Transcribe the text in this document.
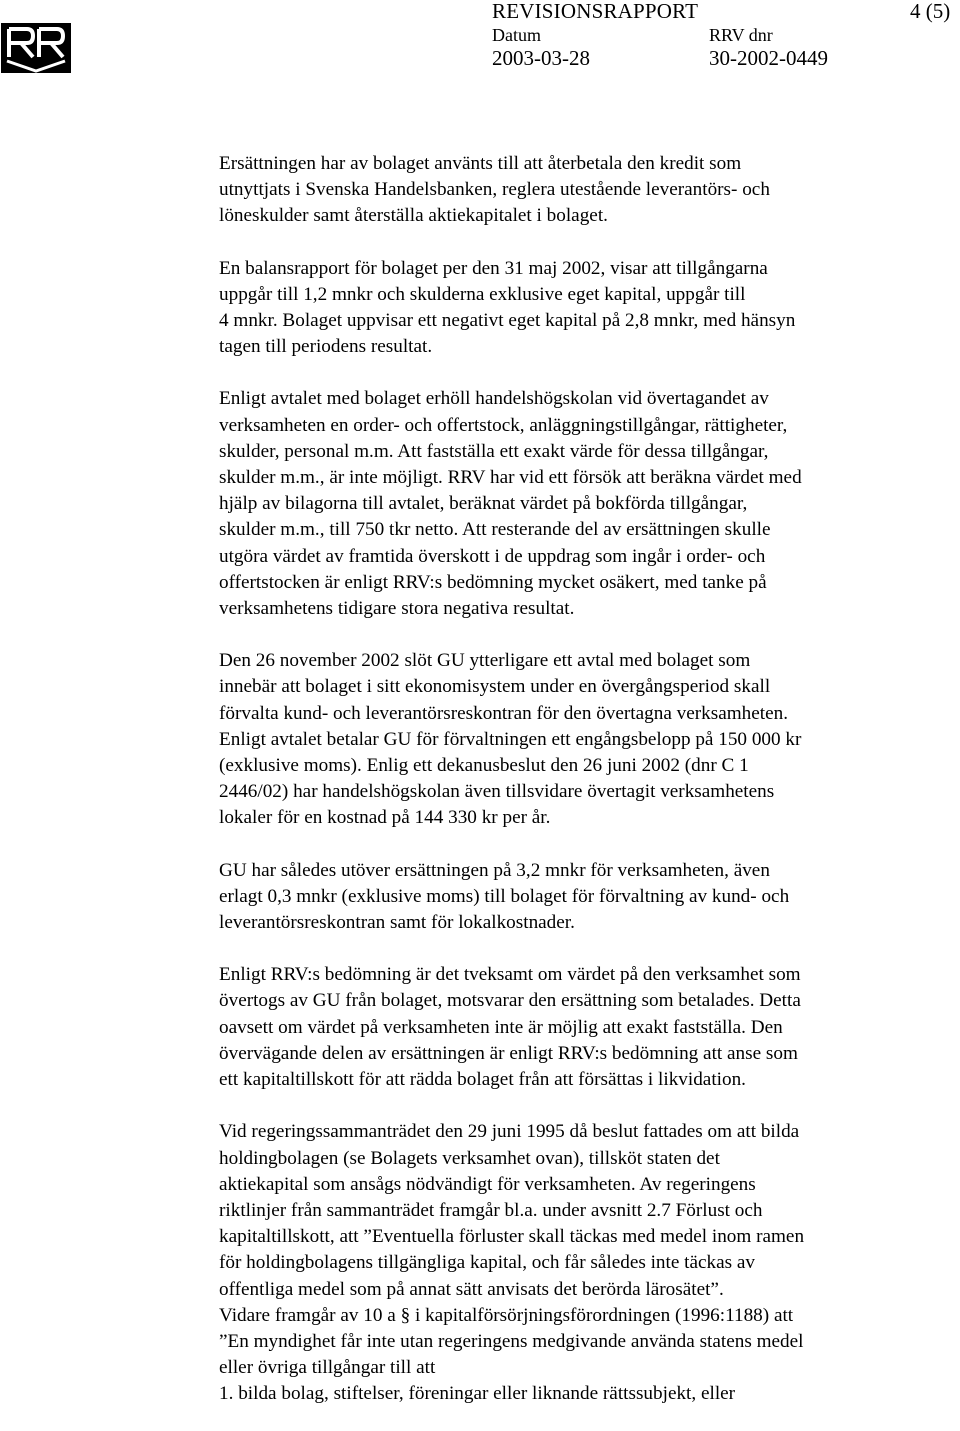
REVISIONSRAPPORT	4 (5)
Datum	RRV dnr
2003-03-28	30-2002-0449

Ersättningen har av bolaget använts till att återbetala den kredit som
utnyttjats i Svenska Handelsbanken, reglera utestående leverantörs- och
löneskulder samt återställa aktiekapitalet i bolaget.

En balansrapport för bolaget per den 31 maj 2002, visar att tillgångarna
uppgår till 1,2 mnkr och skulderna exklusive eget kapital, uppgår till
4 mnkr. Bolaget uppvisar ett negativt eget kapital på 2,8 mnkr, med hänsyn
tagen till periodens resultat.

Enligt avtalet med bolaget erhöll handelshögskolan vid övertagandet av
verksamheten en order- och offertstock, anläggningstillgångar, rättigheter,
skulder, personal m.m. Att fastställa ett exakt värde för dessa tillgångar,
skulder m.m., är inte möjligt. RRV har vid ett försök att beräkna värdet med
hjälp av bilagorna till avtalet, beräknat värdet på bokförda tillgångar,
skulder m.m., till 750 tkr netto. Att resterande del av ersättningen skulle
utgöra värdet av framtida överskott i de uppdrag som ingår i order- och
offertstocken är enligt RRV:s bedömning mycket osäkert, med tanke på
verksamhetens tidigare stora negativa resultat.

Den 26 november 2002 slöt GU ytterligare ett avtal med bolaget som
innebär att bolaget i sitt ekonomisystem under en övergångsperiod skall
förvalta kund- och leverantörsreskontran för den övertagna verksamheten.
Enligt avtalet betalar GU för förvaltningen ett engångsbelopp på 150 000 kr
(exklusive moms). Enlig ett dekanusbeslut den 26 juni 2002 (dnr C 1
2446/02) har handelshögskolan även tillsvidare övertagit verksamhetens
lokaler för en kostnad på 144 330 kr per år.

GU har således utöver ersättningen på 3,2 mnkr för verksamheten, även
erlagt 0,3 mnkr (exklusive moms) till bolaget för förvaltning av kund- och
leverantörsreskontran samt för lokalkostnader.

Enligt RRV:s bedömning är det tveksamt om värdet på den verksamhet som
övertogs av GU från bolaget, motsvarar den ersättning som betalades. Detta
oavsett om värdet på verksamheten inte är möjlig att exakt fastställa. Den
övervägande delen av ersättningen är enligt RRV:s bedömning att anse som
ett kapitaltillskott för att rädda bolaget från att försättas i likvidation.

Vid regeringssammanträdet den 29 juni 1995 då beslut fattades om att bilda
holdingbolagen (se Bolagets verksamhet ovan), tillsköt staten det
aktiekapital som ansågs nödvändigt för verksamheten. Av regeringens
riktlinjer från sammanträdet framgår bl.a. under avsnitt 2.7 Förlust och
kapitaltillskott, att ”Eventuella förluster skall täckas med medel inom ramen
för holdingbolagens tillgängliga kapital, och får således inte täckas av
offentliga medel som på annat sätt anvisats det berörda lärosätet”.
Vidare framgår av 10 a § i kapitalförsörjningsförordningen (1996:1188) att
”En myndighet får inte utan regeringens medgivande använda statens medel
eller övriga tillgångar till att
1. bilda bolag, stiftelser, föreningar eller liknande rättssubjekt, eller
